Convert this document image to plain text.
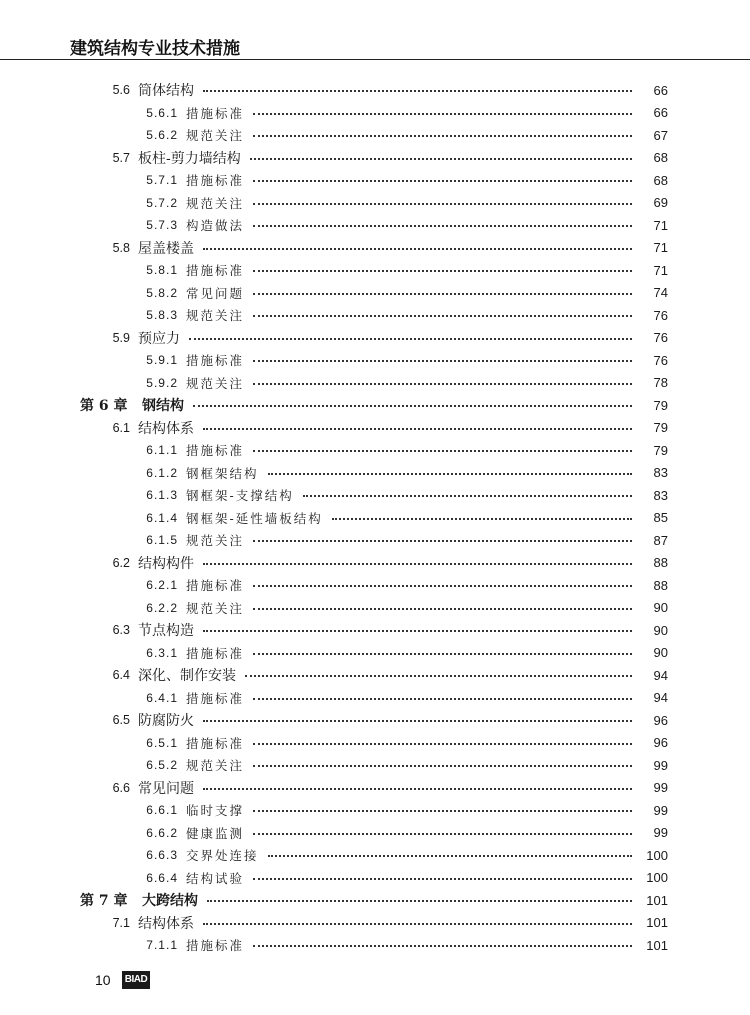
建筑结构专业技术措施
5.6 筒体结构	66
5.6.1 措施标准	66
5.6.2 规范关注	67
5.7 板柱-剪力墙结构	68
5.7.1 措施标准	68
5.7.2 规范关注	69
5.7.3 构造做法	71
5.8 屋盖楼盖	71
5.8.1 措施标准	71
5.8.2 常见问题	74
5.8.3 规范关注	76
5.9 预应力	76
5.9.1 措施标准	76
5.9.2 规范关注	78
第 6 章	钢结构	79
6.1 结构体系	79
6.1.1 措施标准	79
6.1.2 钢框架结构	83
6.1.3 钢框架-支撑结构	83
6.1.4 钢框架-延性墙板结构	85
6.1.5 规范关注	87
6.2 结构构件	88
6.2.1 措施标准	88
6.2.2 规范关注	90
6.3 节点构造	90
6.3.1 措施标准	90
6.4 深化、制作安装	94
6.4.1 措施标准	94
6.5 防腐防火	96
6.5.1 措施标准	96
6.5.2 规范关注	99
6.6 常见问题	99
6.6.1 临时支撑	99
6.6.2 健康监测	99
6.6.3 交界处连接	100
6.6.4 结构试验	100
第 7 章	大跨结构	101
7.1 结构体系	101
7.1.1 措施标准	101
10 BIAD
